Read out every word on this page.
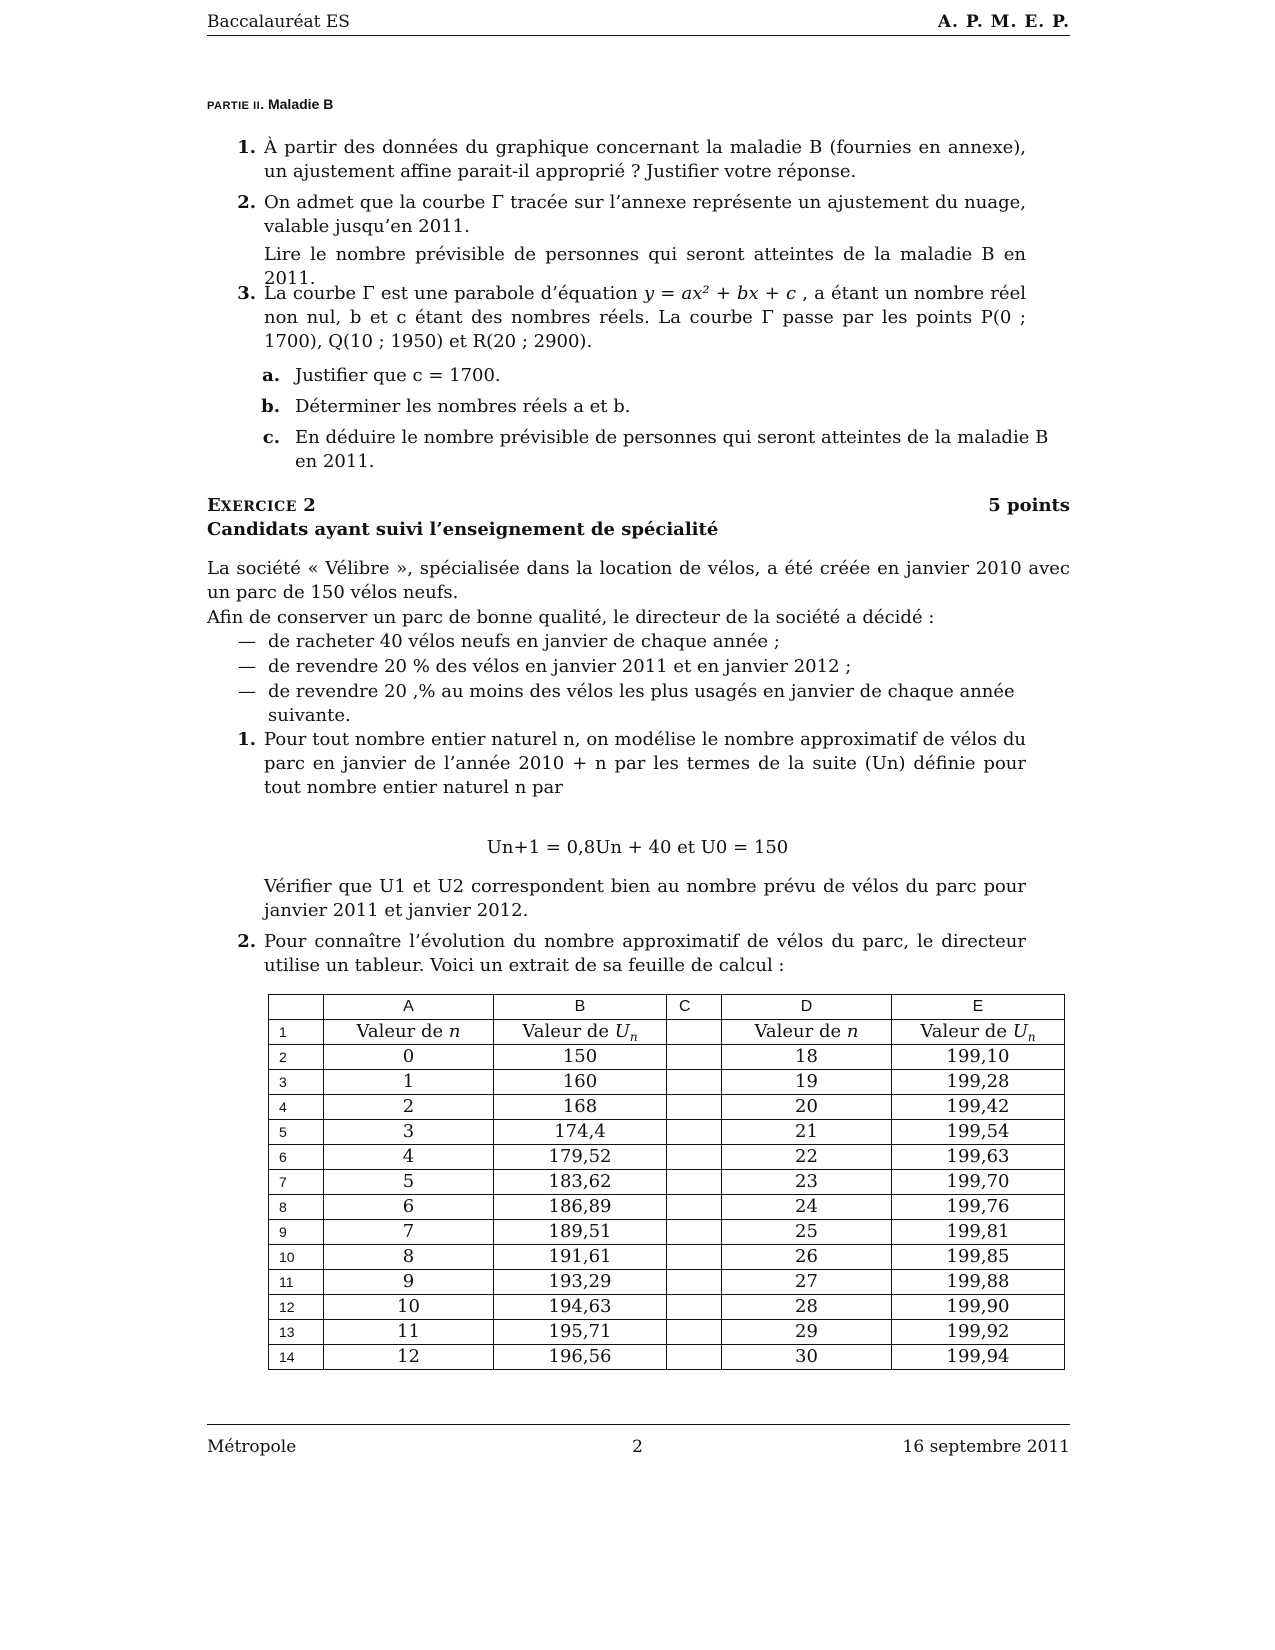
Baccalauréat ES	A. P. M. E. P.
PARTIE II. Maladie B
1. À partir des données du graphique concernant la maladie B (fournies en annexe), un ajustement affine parait-il approprié ? Justifier votre réponse.
2. On admet que la courbe Γ tracée sur l’annexe représente un ajustement du nuage, valable jusqu’en 2011.
Lire le nombre prévisible de personnes qui seront atteintes de la maladie B en 2011.
3. La courbe Γ est une parabole d’équation y = ax² + bx + c , a étant un nombre réel non nul, b et c étant des nombres réels. La courbe Γ passe par les points P(0 ; 1700), Q(10 ; 1950) et R(20 ; 2900).
a. Justifier que c = 1700.
b. Déterminer les nombres réels a et b.
c. En déduire le nombre prévisible de personnes qui seront atteintes de la maladie B en 2011.
EXERCICE 2	5 points
Candidats ayant suivi l’enseignement de spécialité
La société « Vélibre », spécialisée dans la location de vélos, a été créée en janvier 2010 avec un parc de 150 vélos neufs.
Afin de conserver un parc de bonne qualité, le directeur de la société a décidé :
— de racheter 40 vélos neufs en janvier de chaque année ;
— de revendre 20 % des vélos en janvier 2011 et en janvier 2012 ;
— de revendre 20 ,% au moins des vélos les plus usagés en janvier de chaque année suivante.
1. Pour tout nombre entier naturel n, on modélise le nombre approximatif de vélos du parc en janvier de l’année 2010 + n par les termes de la suite (Un) définie pour tout nombre entier naturel n par
Un+1 = 0,8Un + 40 et U0 = 150
Vérifier que U1 et U2 correspondent bien au nombre prévu de vélos du parc pour janvier 2011 et janvier 2012.
2. Pour connaître l’évolution du nombre approximatif de vélos du parc, le directeur utilise un tableur. Voici un extrait de sa feuille de calcul :
	A	B	C	D	E
1	Valeur de n	Valeur de $U_n$		Valeur de n	Valeur de $U_n$
2	0	150		18	199,10
3	1	160		19	199,28
4	2	168		20	199,42
5	3	174,4		21	199,54
6	4	179,52		22	199,63
7	5	183,62		23	199,70
8	6	186,89		24	199,76
9	7	189,51		25	199,81
10	8	191,61		26	199,85
11	9	193,29		27	199,88
12	10	194,63		28	199,90
13	11	195,71		29	199,92
14	12	196,56		30	199,94
Métropole	2	16 septembre 2011
